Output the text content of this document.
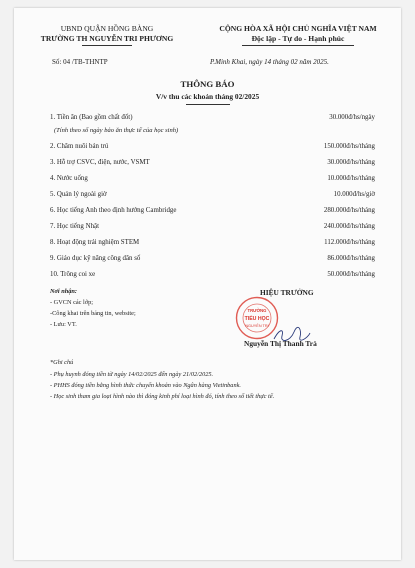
UBND QUẬN HỒNG BÀNG
TRƯỜNG TH NGUYỄN TRI PHƯƠNG
CỘNG HÒA XÃ HỘI CHỦ NGHĨA VIỆT NAM
Độc lập - Tự do - Hạnh phúc
Số: 04 /TB-THNTP	P.Minh Khai, ngày 14 tháng 02 năm 2025.
THÔNG BÁO
V/v thu các khoản tháng 02/2025
1. Tiền ăn (Bao gồm chất đốt)	30.000đ/hs/ngày
(Tính theo số ngày bảo ăn thực tế của học sinh)
2. Chăm nuôi bán trú	150.000đ/hs/tháng
3. Hỗ trợ CSVC, điện, nước, VSMT	30.000đ/hs/tháng
4. Nước uống	10.000đ/hs/tháng
5. Quản lý ngoài giờ	10.000đ/hs/giờ
6. Học tiếng Anh theo định hướng Cambridge	280.000đ/hs/tháng
7. Học tiếng Nhật	240.000đ/hs/tháng
8. Hoạt động trải nghiệm STEM	112.000đ/hs/tháng
9. Giáo dục kỹ năng công dân số	86.000đ/hs/tháng
10. Trông coi xe	50.000đ/hs/tháng
Nơi nhận:
- GVCN các lớp;
-Công khai trên bảng tin, website;
- Lưu: VT.
HIỆU TRƯỞNG
TRƯỜNG
TIỂU HỌC
NGUYỄN TRI
Nguyễn Thị Thanh Trà
*Ghi chú
- Phụ huynh đóng tiền từ ngày 14/02/2025 đến ngày 21/02/2025.
- PHHS đóng tiền bằng hình thức chuyển khoản vào Ngân hàng Vietinbank.
- Học sinh tham gia loại hình nào thì đóng kinh phí loại hình đó, tính theo số tiết thực tế.
